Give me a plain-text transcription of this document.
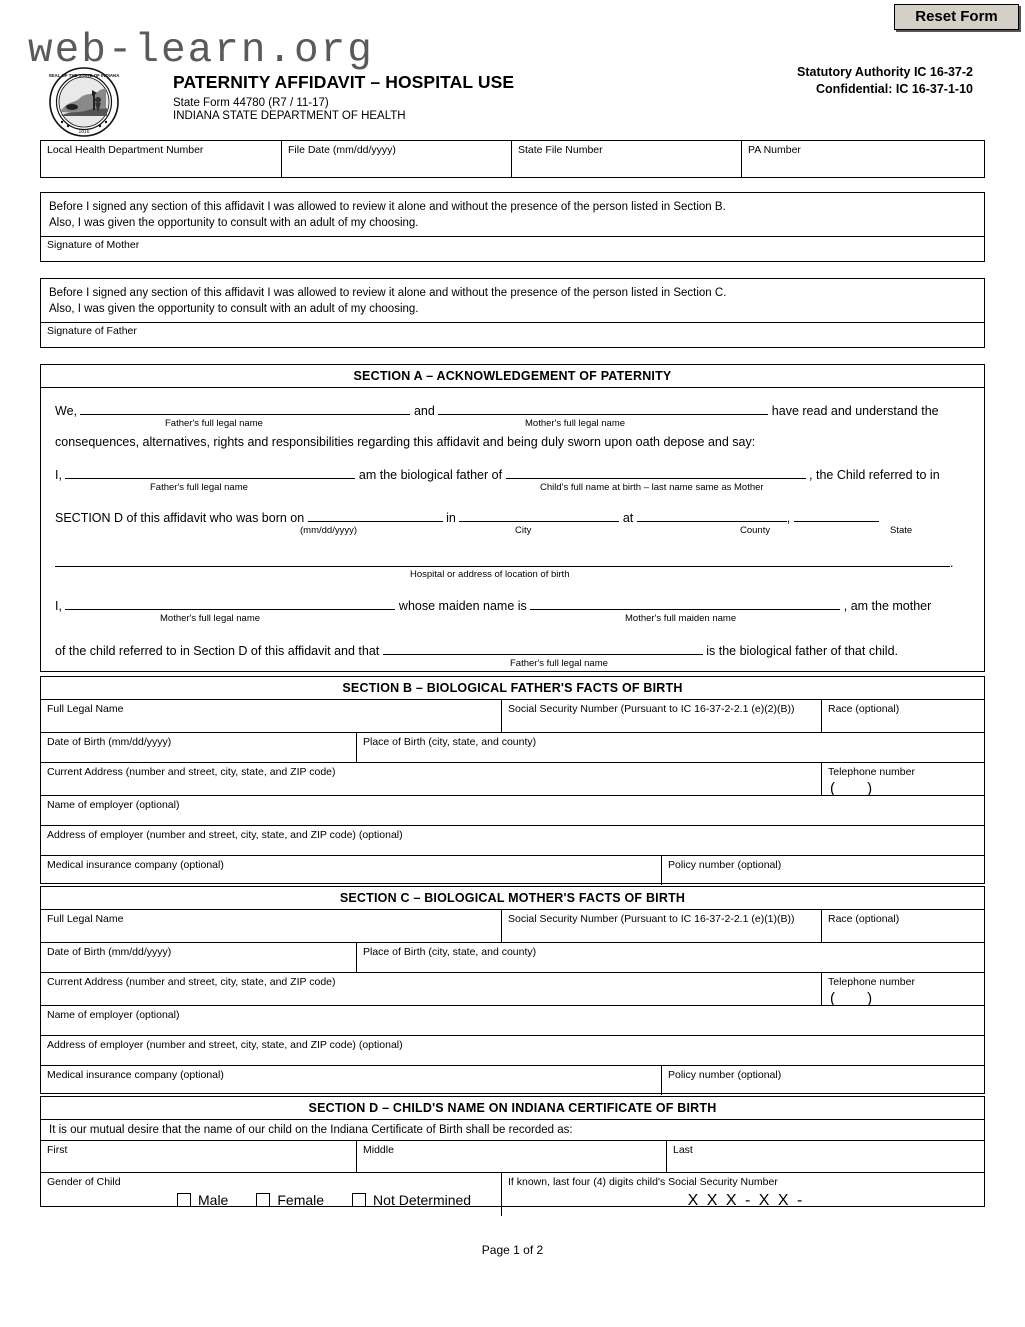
Reset Form
web-learn.org
SEAL OF THE STATE OF INDIANA
1816
PATERNITY AFFIDAVIT – HOSPITAL USE
State Form 44780 (R7 / 11-17)
INDIANA STATE DEPARTMENT OF HEALTH
Statutory Authority IC 16-37-2
Confidential: IC 16-37-1-10
Local Health Department Number	File Date (mm/dd/yyyy)	State File Number	PA Number
Before I signed any section of this affidavit I was allowed to review it alone and without the presence of the person listed in Section B.
Also, I was given the opportunity to consult with an adult of my choosing.
Signature of Mother
Before I signed any section of this affidavit I was allowed to review it alone and without the presence of the person listed in Section C.
Also, I was given the opportunity to consult with an adult of my choosing.
Signature of Father
SECTION A – ACKNOWLEDGEMENT OF PATERNITY
We,	and	have read and understand the
Father's full legal name	Mother's full legal name
consequences, alternatives, rights and responsibilities regarding this affidavit and being duly sworn upon oath depose and say:
I,	am the biological father of	, the Child referred to in
Father's full legal name	Child's full name at birth – last name same as Mother
SECTION D of this affidavit who was born on	in	at	,
(mm/dd/yyyy)	City	County	State
.
Hospital or address of location of birth
I,	whose maiden name is	, am the mother
Mother's full legal name	Mother's full maiden name
of the child referred to in Section D of this affidavit and that	is the biological father of that child.
Father's full legal name
SECTION B – BIOLOGICAL FATHER'S FACTS OF BIRTH
Full Legal Name	Social Security Number (Pursuant to IC 16-37-2-2.1 (e)(2)(B))	Race (optional)
Date of Birth (mm/dd/yyyy)	Place of Birth (city, state, and county)
Current Address (number and street, city, state, and ZIP code)	Telephone number
( )
Name of employer (optional)
Address of employer (number and street, city, state, and ZIP code) (optional)
Medical insurance company (optional)	Policy number (optional)
SECTION C – BIOLOGICAL MOTHER'S FACTS OF BIRTH
Full Legal Name	Social Security Number (Pursuant to IC 16-37-2-2.1 (e)(1)(B))	Race (optional)
Date of Birth (mm/dd/yyyy)	Place of Birth (city, state, and county)
Current Address (number and street, city, state, and ZIP code)	Telephone number
( )
Name of employer (optional)
Address of employer (number and street, city, state, and ZIP code) (optional)
Medical insurance company (optional)	Policy number (optional)
SECTION D – CHILD'S NAME ON INDIANA CERTIFICATE OF BIRTH
It is our mutual desire that the name of our child on the Indiana Certificate of Birth shall be recorded as:
First	Middle	Last
Gender of Child
Male	Female	Not Determined
If known, last four (4) digits child's Social Security Number
X X X - X X -
Page 1 of 2
